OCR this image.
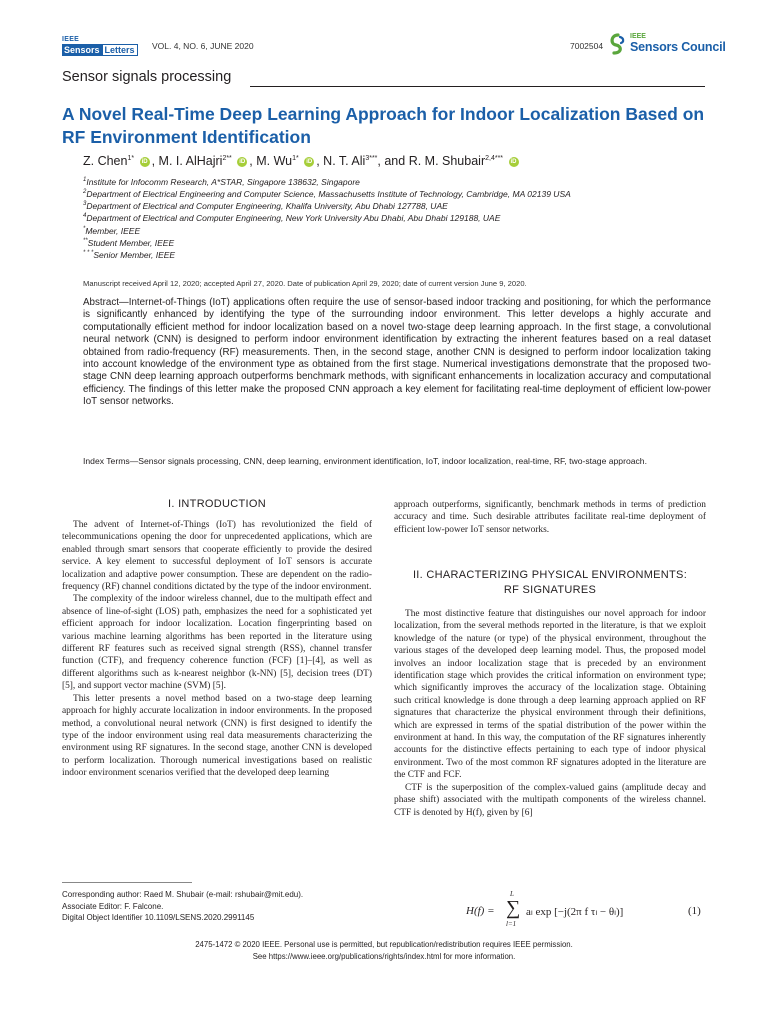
IEEE
Sensors Letters	VOL. 4, NO. 6, JUNE 2020	7002504
IEEE
Sensors Council
Sensor signals processing
A Novel Real-Time Deep Learning Approach for Indoor Localization Based on RF Environment Identification
Z. Chen$^{1*}$ iD , M. I. AlHajri$^{2**}$ iD , M. $Wu^{1*}$ iD , N. T. Ali$^{3***}$, and R. M. Shubair$^{2,4***}$ iD
$^1$Institute for Infocomm Research, A*STAR, Singapore 138632, Singapore
$^2$Department of Electrical Engineering and Computer Science, Massachusetts Institute of Technology, Cambridge, MA 02139 USA
$^3$Department of Electrical and Computer Engineering, Khalifa University, Abu Dhabi 127788, UAE
$^4$Department of Electrical and Computer Engineering, New York University Abu Dhabi, Abu Dhabi 129188, UAE
*Member, IEEE
**Student Member, IEEE
* * *Senior Member, IEEE
Manuscript received April 12, 2020; accepted April 27, 2020. Date of publication April 29, 2020; date of current version June 9, 2020.
Abstract—Internet-of-Things (IoT) applications often require the use of sensor-based indoor tracking and positioning, for which the performance is significantly enhanced by identifying the type of the surrounding indoor environment. This letter develops a highly accurate and computationally efficient method for indoor localization based on a novel two-stage deep learning approach. In the first stage, a convolutional neural network (CNN) is designed to perform indoor environment identification by extracting the inherent features based on a real dataset obtained from radio-frequency (RF) measurements. Then, in the second stage, another CNN is designed to perform indoor localization taking into account knowledge of the environment type as obtained from the first stage. Numerical investigations demonstrate that the proposed two-stage CNN deep learning approach outperforms benchmark methods, with significant enhancements in localization accuracy and computational efficiency. The findings of this letter make the proposed CNN approach a key element for facilitating real-time deployment of efficient low-power IoT sensor networks.
Index Terms—Sensor signals processing, CNN, deep learning, environment identification, IoT, indoor localization, real-time, RF, two-stage approach.
I. INTRODUCTION

The advent of Internet-of-Things (IoT) has revolutionized the field of telecommunications opening the door for unprecedented applications, which are enabled through smart sensors that cooperate efficiently to provide the desired service. A key element to successful deployment of IoT sensors is accurate localization and adaptive power consumption. These are dependent on the radio-frequency (RF) channel conditions dictated by the type of the indoor environment.

The complexity of the indoor wireless channel, due to the multipath effect and absence of line-of-sight (LOS) path, emphasizes the need for a sophisticated yet efficient approach for indoor localization. Location fingerprinting based on various machine learning algorithms has been reported in the literature using different RF features such as received signal strength (RSS), channel transfer function (CTF), and frequency coherence function (FCF) [1]–[4], as well as different algorithms such as k-nearest neighbor (k-NN) [5], decision trees (DT) [5], and support vector machine (SVM) [5].

This letter presents a novel method based on a two-stage deep learning approach for highly accurate localization in indoor environments. In the proposed method, a convolutional neural network (CNN) is first designed to identify the type of the indoor environment using real data measurements characterizing the environment using RF signatures. In the second stage, another CNN is developed to perform localization. Thorough numerical investigations based on realistic indoor environment scenarios verified that the developed deep learning

approach outperforms, significantly, benchmark methods in terms of prediction accuracy and time. Such desirable attributes facilitate real-time deployment of efficient low-power IoT sensor networks.

II. CHARACTERIZING PHYSICAL ENVIRONMENTS:
RF SIGNATURES

The most distinctive feature that distinguishes our novel approach for indoor localization, from the several methods reported in the literature, is that we exploit knowledge of the nature (or type) of the physical environment, throughout the various stages of the developed deep learning model. Thus, the proposed model involves an indoor localization stage that is preceded by an environment identification stage which provides the critical information on environment type; which significantly improves the accuracy of the localization stage. Obtaining such critical knowledge is done through a deep learning approach applied on RF signatures that characterize the physical environment through their definitions, which are expressed in terms of the spatial distribution of the power within the environment at hand. In this way, the computation of the RF signatures inherently accounts for the distinctive effects pertaining to each type of indoor physical environment. Two of the most common RF signatures adopted in the literature are the CTF and FCF.

CTF is the superposition of the complex-valued gains (amplitude decay and phase shift) associated with the multipath components of the wireless channel. CTF is denoted by H(f), given by [6]

H(f) =
L
∑
l=1
aₗ exp [−j(2π f τₗ − θₗ)]	(1)
Corresponding author: Raed M. Shubair (e-mail: rshubair@mit.edu).
Associate Editor: F. Falcone.
Digital Object Identifier 10.1109/LSENS.2020.2991145
2475-1472 © 2020 IEEE. Personal use is permitted, but republication/redistribution requires IEEE permission.
See https://www.ieee.org/publications/rights/index.html for more information.
